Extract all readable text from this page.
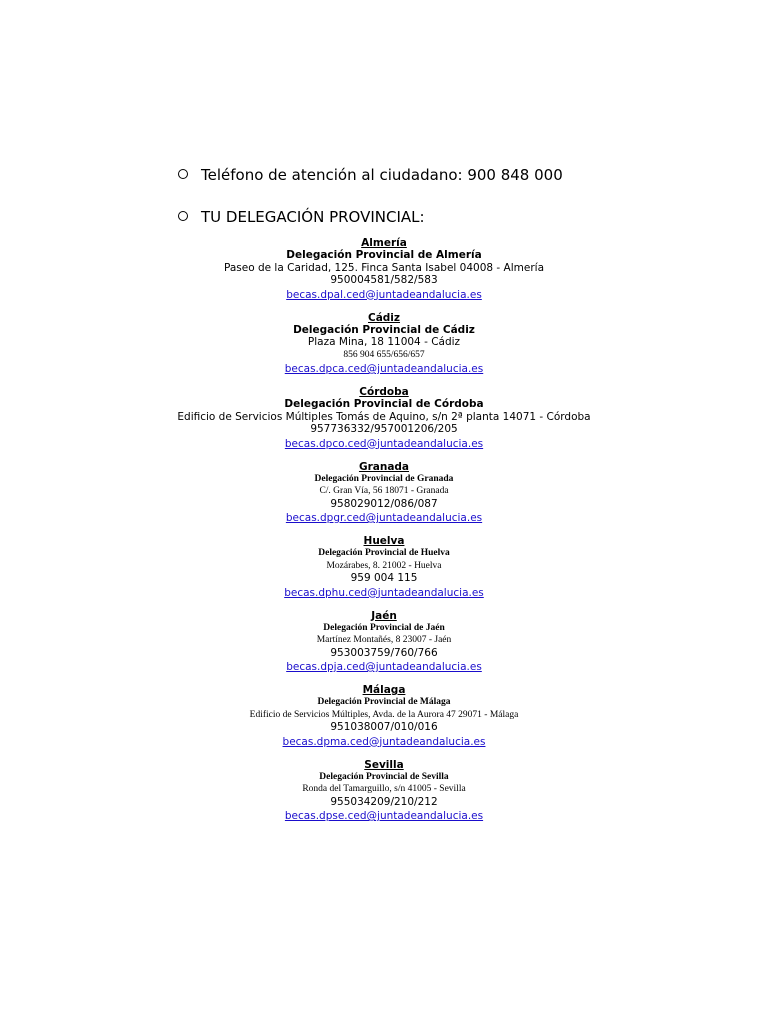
Teléfono de atención al ciudadano: 900 848 000
TU DELEGACIÓN PROVINCIAL:
Almería
Delegación Provincial de Almería
Paseo de la Caridad, 125. Finca Santa Isabel 04008 - Almería
950004581/582/583
becas.dpal.ced@juntadeandalucia.es
Cádiz
Delegación Provincial de Cádiz
Plaza Mina, 18 11004 - Cádiz
856 904 655/656/657
becas.dpca.ced@juntadeandalucia.es
Córdoba
Delegación Provincial de Córdoba
Edificio de Servicios Múltiples Tomás de Aquino, s/n 2ª planta 14071 - Córdoba
957736332/957001206/205
becas.dpco.ced@juntadeandalucia.es
Granada
Delegación Provincial de Granada
C/. Gran Vía, 56 18071 - Granada
958029012/086/087
becas.dpgr.ced@juntadeandalucia.es
Huelva
Delegación Provincial de Huelva
Mozárabes, 8. 21002 - Huelva
959 004 115
becas.dphu.ced@juntadeandalucia.es
Jaén
Delegación Provincial de Jaén
Martínez Montañés, 8 23007 - Jaén
953003759/760/766
becas.dpja.ced@juntadeandalucia.es
Málaga
Delegación Provincial de Málaga
Edificio de Servicios Múltiples, Avda. de la Aurora 47 29071 - Málaga
951038007/010/016
becas.dpma.ced@juntadeandalucia.es
Sevilla
Delegación Provincial de Sevilla
Ronda del Tamarguillo, s/n 41005 - Sevilla
955034209/210/212
becas.dpse.ced@juntadeandalucia.es
